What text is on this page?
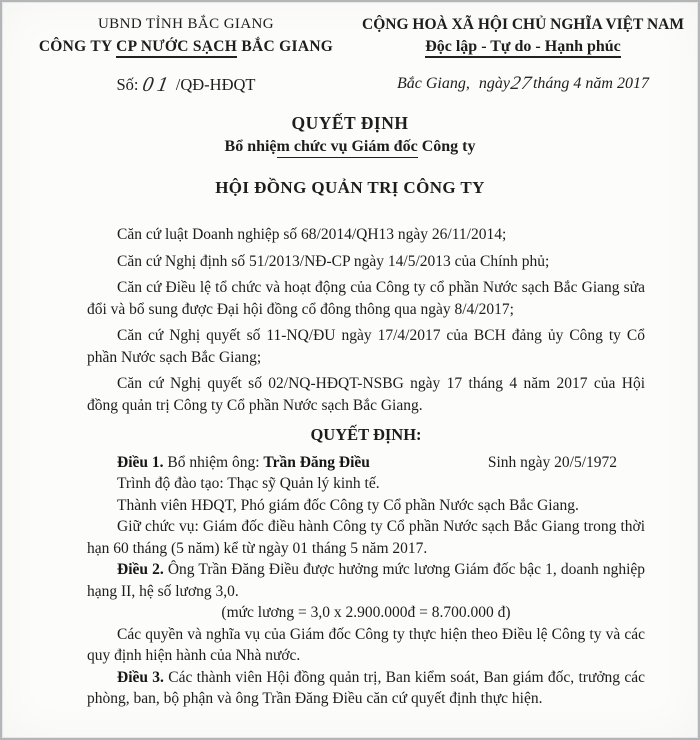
UBND TỈNH BẮC GIANG
CÔNG TY CP NƯỚC SẠCH BẮC GIANG
Số: 01 /QĐ-HĐQT
CỘNG HOÀ XÃ HỘI CHỦ NGHĨA VIỆT NAM
Độc lập - Tự do - Hạnh phúc
Bắc Giang, ngày27tháng 4 năm 2017
QUYẾT ĐỊNH
Bổ nhiệm chức vụ Giám đốc Công ty
HỘI ĐỒNG QUẢN TRỊ CÔNG TY

Căn cứ luật Doanh nghiệp số 68/2014/QH13 ngày 26/11/2014;

Căn cứ Nghị định số 51/2013/NĐ-CP ngày 14/5/2013 của Chính phủ;

Căn cứ Điều lệ tổ chức và hoạt động của Công ty cổ phần Nước sạch Bắc Giang sửa đổi và bổ sung được Đại hội đồng cổ đông thông qua ngày 8/4/2017;

Căn cứ Nghị quyết số 11-NQ/ĐU ngày 17/4/2017 của BCH đảng ủy Công ty Cổ phần Nước sạch Bắc Giang;

Căn cứ Nghị quyết số 02/NQ-HĐQT-NSBG ngày 17 tháng 4 năm 2017 của Hội đồng quản trị Công ty Cổ phần Nước sạch Bắc Giang.

QUYẾT ĐỊNH:

Điều 1. Bổ nhiệm ông: Trần Đăng Điều	Sinh ngày 20/5/1972

Trình độ đào tạo: Thạc sỹ Quản lý kinh tế.

Thành viên HĐQT, Phó giám đốc Công ty Cổ phần Nước sạch Bắc Giang.

Giữ chức vụ: Giám đốc điều hành Công ty Cổ phần Nước sạch Bắc Giang trong thời hạn 60 tháng (5 năm) kể từ ngày 01 tháng 5 năm 2017.

Điều 2. Ông Trần Đăng Điều được hưởng mức lương Giám đốc bậc 1, doanh nghiệp hạng II, hệ số lương 3,0.

(mức lương = 3,0 x 2.900.000đ = 8.700.000 đ)

Các quyền và nghĩa vụ của Giám đốc Công ty thực hiện theo Điều lệ Công ty và các quy định hiện hành của Nhà nước.

Điều 3. Các thành viên Hội đồng quản trị, Ban kiểm soát, Ban giám đốc, trưởng các phòng, ban, bộ phận và ông Trần Đăng Điều căn cứ quyết định thực hiện.
